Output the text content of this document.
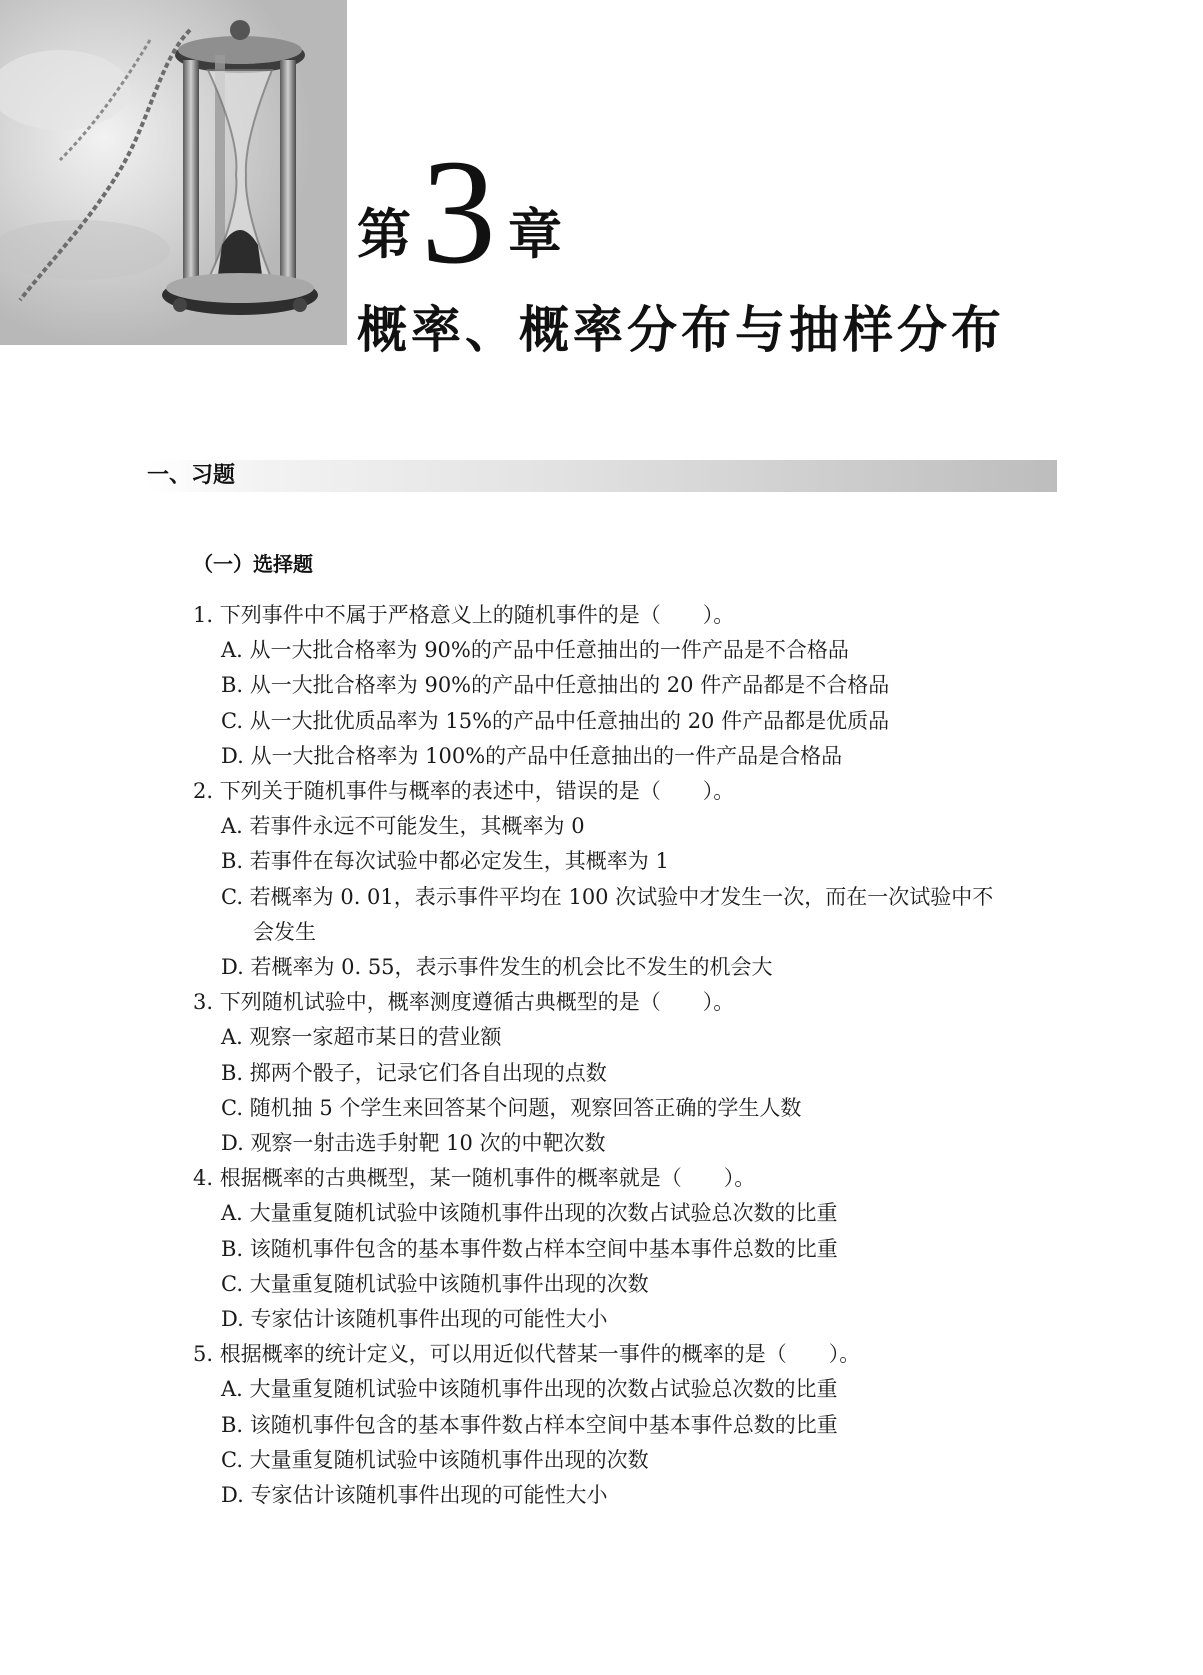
第 3 章
概率、概率分布与抽样分布
一、习题
（一）选择题
1. 下列事件中不属于严格意义上的随机事件的是（　　）。
A. 从一大批合格率为 90%的产品中任意抽出的一件产品是不合格品
B. 从一大批合格率为 90%的产品中任意抽出的 20 件产品都是不合格品
C. 从一大批优质品率为 15%的产品中任意抽出的 20 件产品都是优质品
D. 从一大批合格率为 100%的产品中任意抽出的一件产品是合格品
2. 下列关于随机事件与概率的表述中，错误的是（　　）。
A. 若事件永远不可能发生，其概率为 0
B. 若事件在每次试验中都必定发生，其概率为 1
C. 若概率为 0. 01，表示事件平均在 100 次试验中才发生一次，而在一次试验中不
会发生
D. 若概率为 0. 55，表示事件发生的机会比不发生的机会大
3. 下列随机试验中，概率测度遵循古典概型的是（　　）。
A. 观察一家超市某日的营业额
B. 掷两个骰子，记录它们各自出现的点数
C. 随机抽 5 个学生来回答某个问题，观察回答正确的学生人数
D. 观察一射击选手射靶 10 次的中靶次数
4. 根据概率的古典概型，某一随机事件的概率就是（　　）。
A. 大量重复随机试验中该随机事件出现的次数占试验总次数的比重
B. 该随机事件包含的基本事件数占样本空间中基本事件总数的比重
C. 大量重复随机试验中该随机事件出现的次数
D. 专家估计该随机事件出现的可能性大小
5. 根据概率的统计定义，可以用近似代替某一事件的概率的是（　　）。
A. 大量重复随机试验中该随机事件出现的次数占试验总次数的比重
B. 该随机事件包含的基本事件数占样本空间中基本事件总数的比重
C. 大量重复随机试验中该随机事件出现的次数
D. 专家估计该随机事件出现的可能性大小
